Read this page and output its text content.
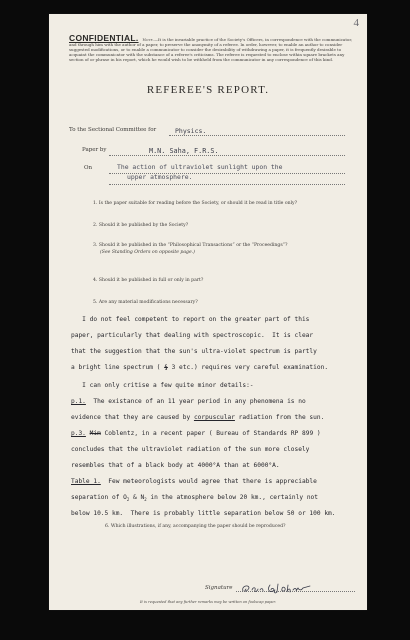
4
CONFIDENTIAL. Note.—It is the invariable practice of the Society's Officers, in correspondence with the communicator, and through him with the author of a paper, to preserve the anonymity of a referee. In order, however, to enable an author to consider suggested modifications, or to enable a communicator to consider the desirability of withdrawing a paper, it is frequently desirable to acquaint the communicator with the substance of a referee's criticisms. The referee is requested to enclose within square brackets any section of or phrase in his report, which he would wish to be withheld from the communicator in any correspondence of this kind.
REFEREE'S REPORT.
To the Sectional Committee for	Physics.
Paper by	M.N. Saha, F.R.S.
On	The action of ultraviolet sunlight upon the
upper atmosphere.
1. Is the paper suitable for reading before the Society, or should it be read in title only?
2. Should it be published by the Society?
3. Should it be published in the “Philosophical Transactions” or the “Proceedings”?
(See Standing Orders on opposite page.)
4. Should it be published in full or only in part?
5. Are any material modifications necessary?
I do not feel competent to report on the greater part of this
paper, particularly that dealing with spectroscopic.  It is clear
that the suggestion that the sun's ultra-violet spectrum is partly
a bright line spectrum ( § 3 etc.) requires very careful examination.
I can only critise a few quite minor details:-
p.1.  The existance of an 11 year period in any phenomena is no
evidence that they are caused by corpuscular radiation from the sun.
p.3. Mim Coblentz, in a recent paper ( Bureau of Standards RP 899 )
concludes that the ultraviolet radiation of the sun more closely
resembles that of a black body at 4000°A than at 6000°A.
Table 1.  Few meteorologists would agree that there is appreciable
separation of $O_2$ & $N_2$ in the atmosphere below 20 km., certainly not
below 10.5 km.  There is probably little separation below 50 or 100 km.
6. Which illustrations, if any, accompanying the paper should be reproduced?
Signature
It is requested that any further remarks may be written on foolscap paper.
